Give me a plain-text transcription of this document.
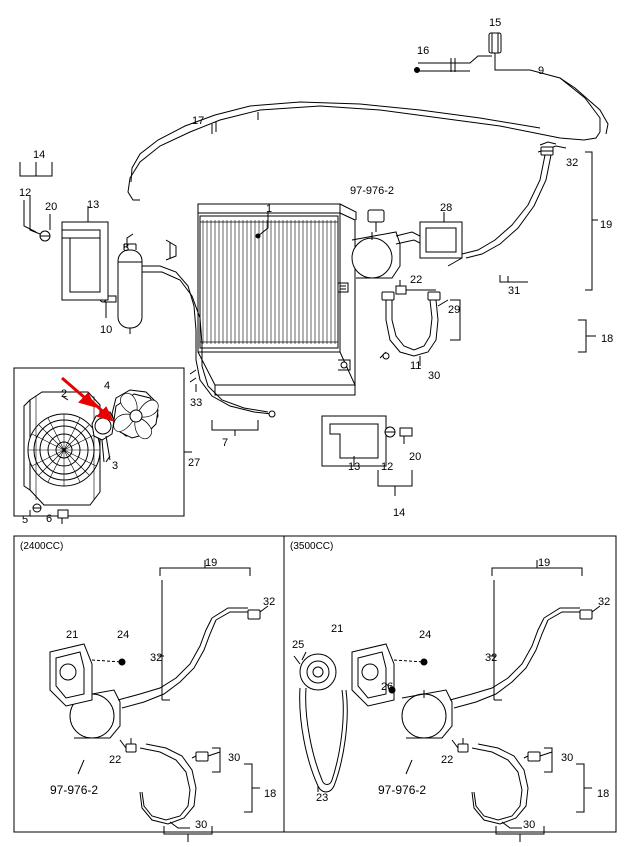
(2400CC)	(3500CC)
15
16
9
17
14
32
12	97-976-2
20	13	1	28
19
8
22
31
10
29
18
11
30
2
4
33
3	27
7
13 12
20
14
5 6
19	19
32	32
21	24
25
21	24
32	32
26
22	30	22	30
18	18
97-976-2	97-976-2
23
30	30
